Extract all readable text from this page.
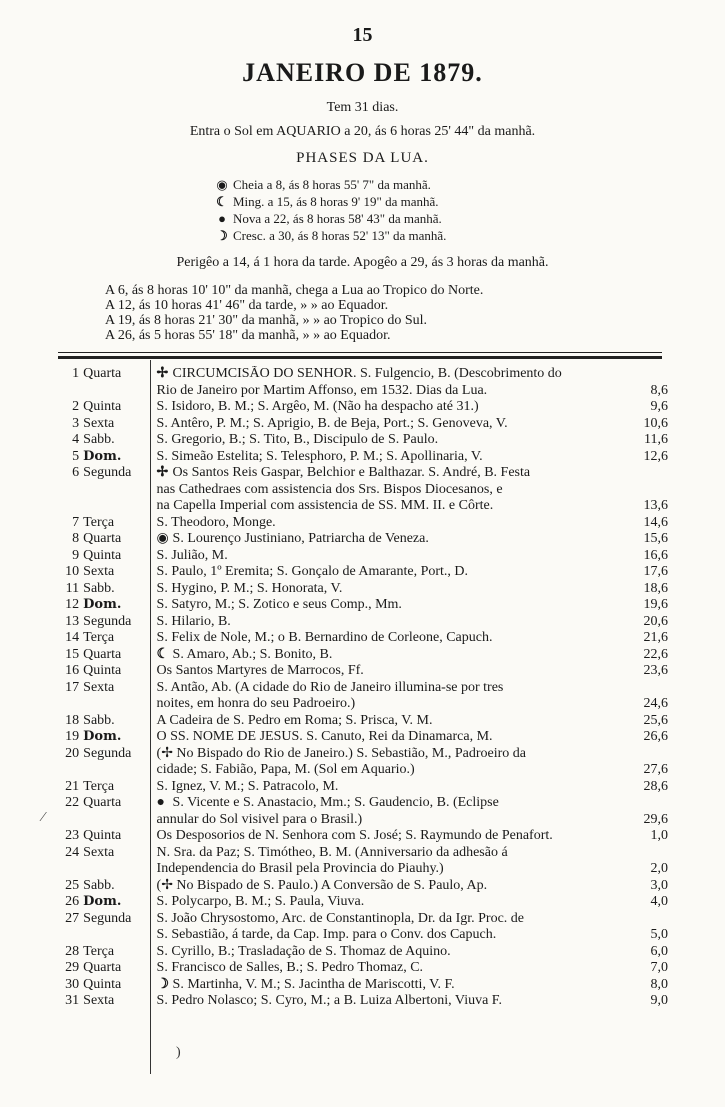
15
JANEIRO DE 1879.
Tem 31 dias.
Entra o Sol em AQUARIO a 20, ás 6 horas 25' 44" da manhã.
PHASES DA LUA.
◉ Cheia a 8, ás 8 horas 55' 7" da manhã.
☾ Ming. a 15, ás 8 horas 9' 19" da manhã.
● Nova a 22, ás 8 horas 58' 43" da manhã.
☽ Cresc. a 30, ás 8 horas 52' 13" da manhã.
Perigêo a 14, á 1 hora da tarde. Apogêo a 29, ás 3 horas da manhã.
A 6, ás 8 horas 10' 10" da manhã, chega a Lua ao Tropico do Norte.
A 12, ás 10 horas 41' 46" da tarde, » » ao Equador.
A 19, ás 8 horas 21' 30" da manhã, » » ao Tropico do Sul.
A 26, ás 5 horas 55' 18" da manhã, » » ao Equador.
1 Quarta	✢ CIRCUMCISÃO DO SENHOR. S. Fulgencio, B. (Descobrimento do
Rio de Janeiro por Martim Affonso, em 1532. Dias da Lua.	8,6
2 Quinta	S. Isidoro, B. M.; S. Argêo, M. (Não ha despacho até 31.)	9,6
3 Sexta	S. Antêro, P. M.; S. Aprigio, B. de Beja, Port.; S. Genoveva, V.	10,6
4 Sabb.	S. Gregorio, B.; S. Tito, B., Discipulo de S. Paulo.	11,6
5 Dom.	S. Simeão Estelita; S. Telesphoro, P. M.; S. Apollinaria, V.	12,6
6 Segunda	✢ Os Santos Reis Gaspar, Belchior e Balthazar. S. André, B. Festa
nas Cathedraes com assistencia dos Srs. Bispos Diocesanos, e
na Capella Imperial com assistencia de SS. MM. II. e Côrte.	13,6
7 Terça	S. Theodoro, Monge.	14,6
8 Quarta	◉ S. Lourenço Justiniano, Patriarcha de Veneza.	15,6
9 Quinta	S. Julião, M.	16,6
10 Sexta	S. Paulo, 1º Eremita; S. Gonçalo de Amarante, Port., D.	17,6
11 Sabb.	S. Hygino, P. M.; S. Honorata, V.	18,6
12 Dom.	S. Satyro, M.; S. Zotico e seus Comp., Mm.	19,6
13 Segunda	S. Hilario, B.	20,6
14 Terça	S. Felix de Nole, M.; o B. Bernardino de Corleone, Capuch.	21,6
15 Quarta	☾ S. Amaro, Ab.; S. Bonito, B.	22,6
16 Quinta	Os Santos Martyres de Marrocos, Ff.	23,6
17 Sexta	S. Antão, Ab. (A cidade do Rio de Janeiro illumina-se por tres
noites, em honra do seu Padroeiro.)	24,6
18 Sabb.	A Cadeira de S. Pedro em Roma; S. Prisca, V. M.	25,6
19 Dom.	O SS. NOME DE JESUS. S. Canuto, Rei da Dinamarca, M.	26,6
20 Segunda	(✢ No Bispado do Rio de Janeiro.) S. Sebastião, M., Padroeiro da
cidade; S. Fabião, Papa, M. (Sol em Aquario.)	27,6
21 Terça	S. Ignez, V. M.; S. Patracolo, M.	28,6
22 Quarta	● S. Vicente e S. Anastacio, Mm.; S. Gaudencio, B. (Eclipse
annular do Sol visivel para o Brasil.)	29,6
23 Quinta	Os Desposorios de N. Senhora com S. José; S. Raymundo de Penafort.	1,0
24 Sexta	N. Sra. da Paz; S. Timótheo, B. M. (Anniversario da adhesão á
Independencia do Brasil pela Provincia do Piauhy.)	2,0
25 Sabb.	(✢ No Bispado de S. Paulo.) A Conversão de S. Paulo, Ap.	3,0
26 Dom.	S. Polycarpo, B. M.; S. Paula, Viuva.	4,0
27 Segunda	S. João Chrysostomo, Arc. de Constantinopla, Dr. da Igr. Proc. de
S. Sebastião, á tarde, da Cap. Imp. para o Conv. dos Capuch.	5,0
28 Terça	S. Cyrillo, B.; Trasladação de S. Thomaz de Aquino.	6,0
29 Quarta	S. Francisco de Salles, B.; S. Pedro Thomaz, C.	7,0
30 Quinta	☽ S. Martinha, V. M.; S. Jacintha de Mariscotti, V. F.	8,0
31 Sexta	S. Pedro Nolasco; S. Cyro, M.; a B. Luiza Albertoni, Viuva F.	9,0
⁄
)
